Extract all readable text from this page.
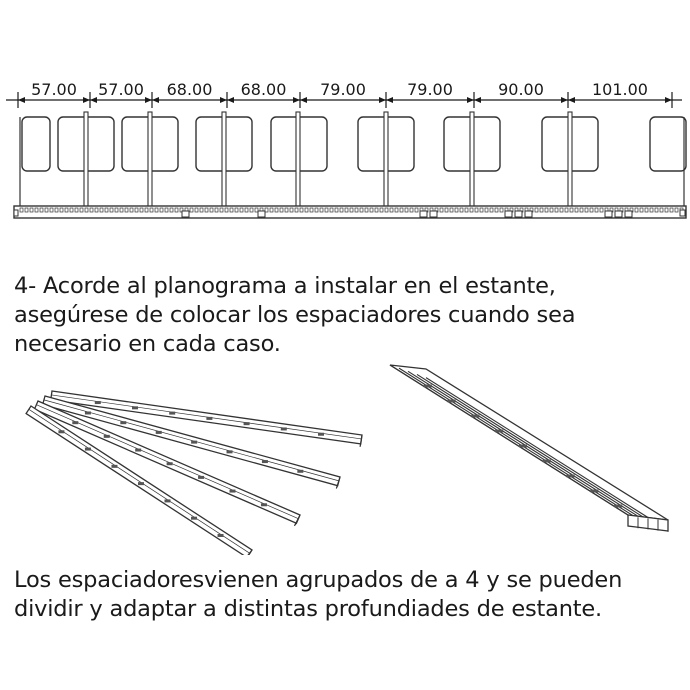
57.00 57.00 68.00 68.00 79.00	79.00	90.00	101.00
4- Acorde al planograma a instalar en el estante,
asegúrese de colocar los espaciadores cuando sea
necesario en cada caso.
Los espaciadoresvienen agrupados de a 4 y se pueden
dividir y adaptar a distintas profundiades de estante.
